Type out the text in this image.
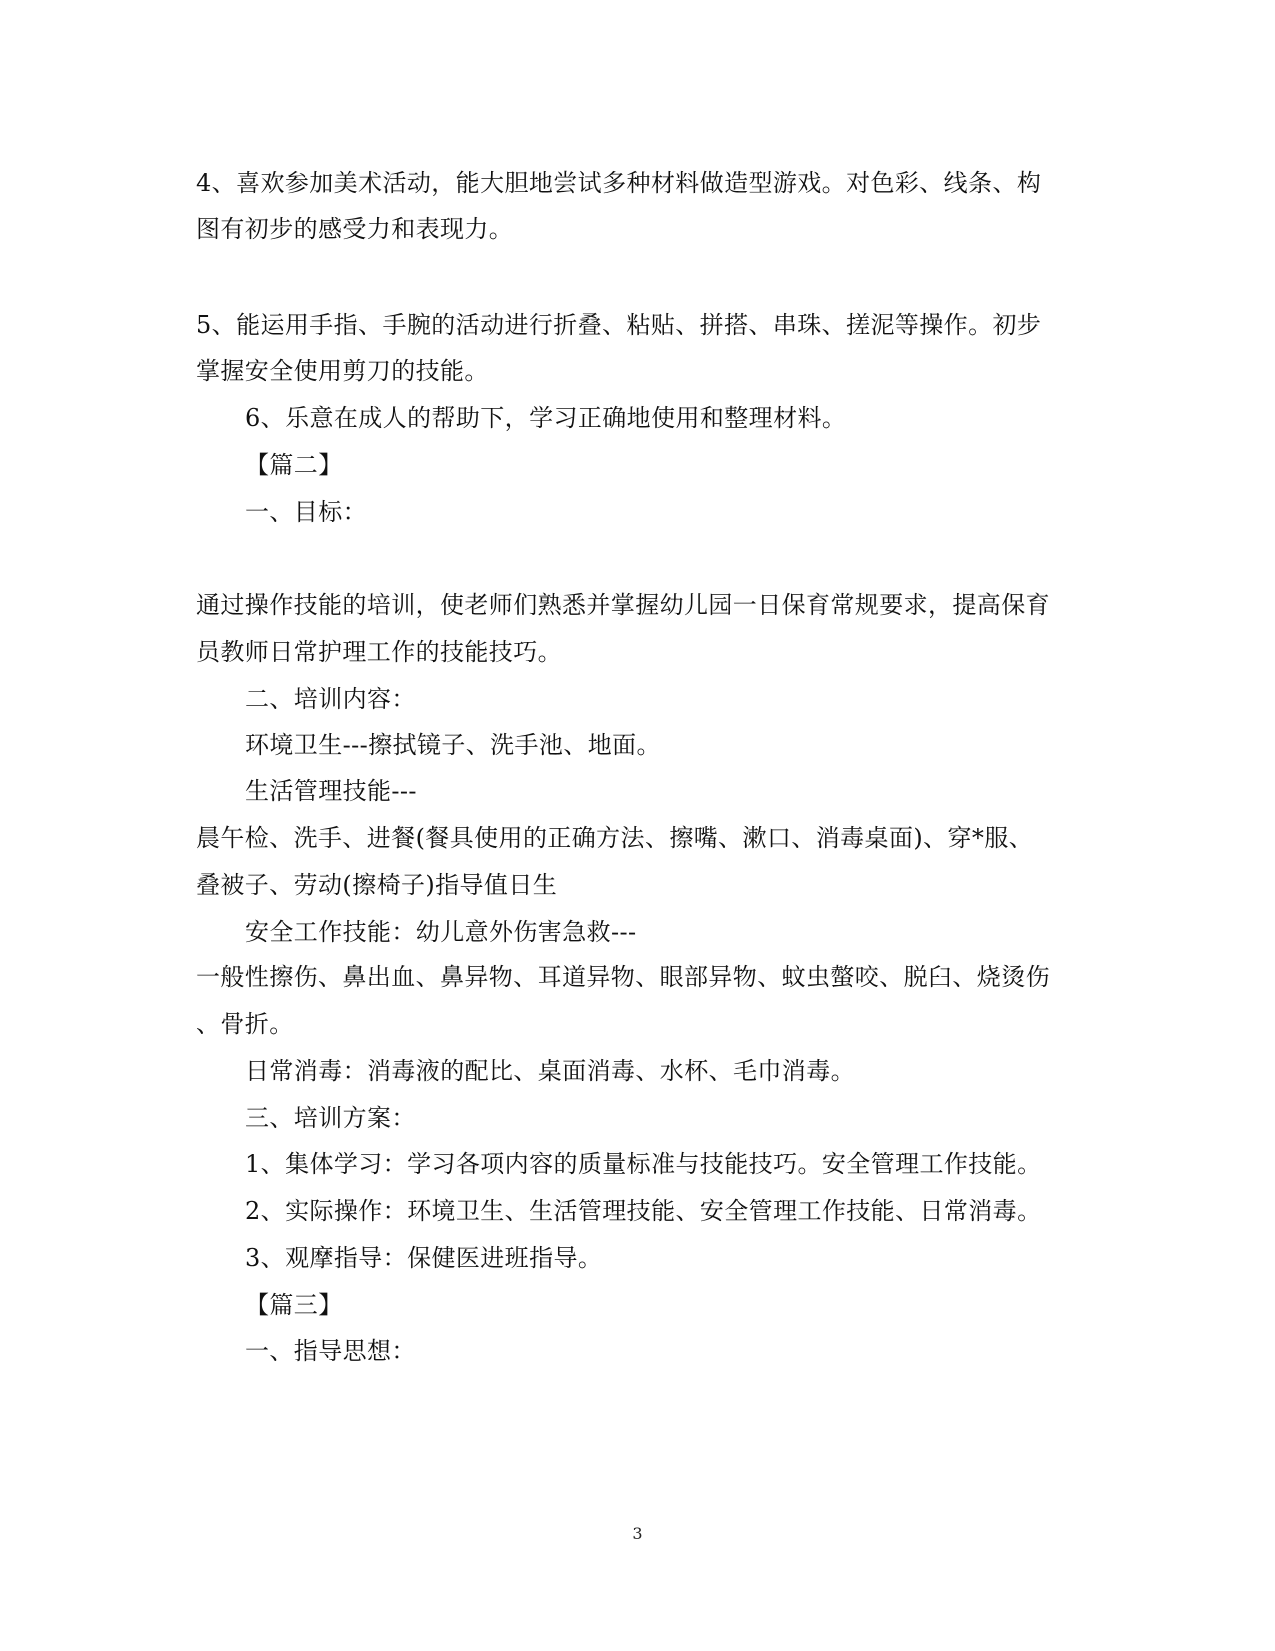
4、喜欢参加美术活动，能大胆地尝试多种材料做造型游戏。对色彩、线条、构
图有初步的感受力和表现力。
5、能运用手指、手腕的活动进行折叠、粘贴、拼搭、串珠、搓泥等操作。初步
掌握安全使用剪刀的技能。
6、乐意在成人的帮助下，学习正确地使用和整理材料。
【篇二】
一、目标：
通过操作技能的培训，使老师们熟悉并掌握幼儿园一日保育常规要求，提高保育
员教师日常护理工作的技能技巧。
二、培训内容：
环境卫生---擦拭镜子、洗手池、地面。
生活管理技能---
晨午检、洗手、进餐(餐具使用的正确方法、擦嘴、漱口、消毒桌面)、穿*服、
叠被子、劳动(擦椅子)指导值日生
安全工作技能：幼儿意外伤害急救---
一般性擦伤、鼻出血、鼻异物、耳道异物、眼部异物、蚊虫螫咬、脱臼、烧烫伤
、骨折。
日常消毒：消毒液的配比、桌面消毒、水杯、毛巾消毒。
三、培训方案：
1、集体学习：学习各项内容的质量标准与技能技巧。安全管理工作技能。
2、实际操作：环境卫生、生活管理技能、安全管理工作技能、日常消毒。
3、观摩指导：保健医进班指导。
【篇三】
一、指导思想：
3
